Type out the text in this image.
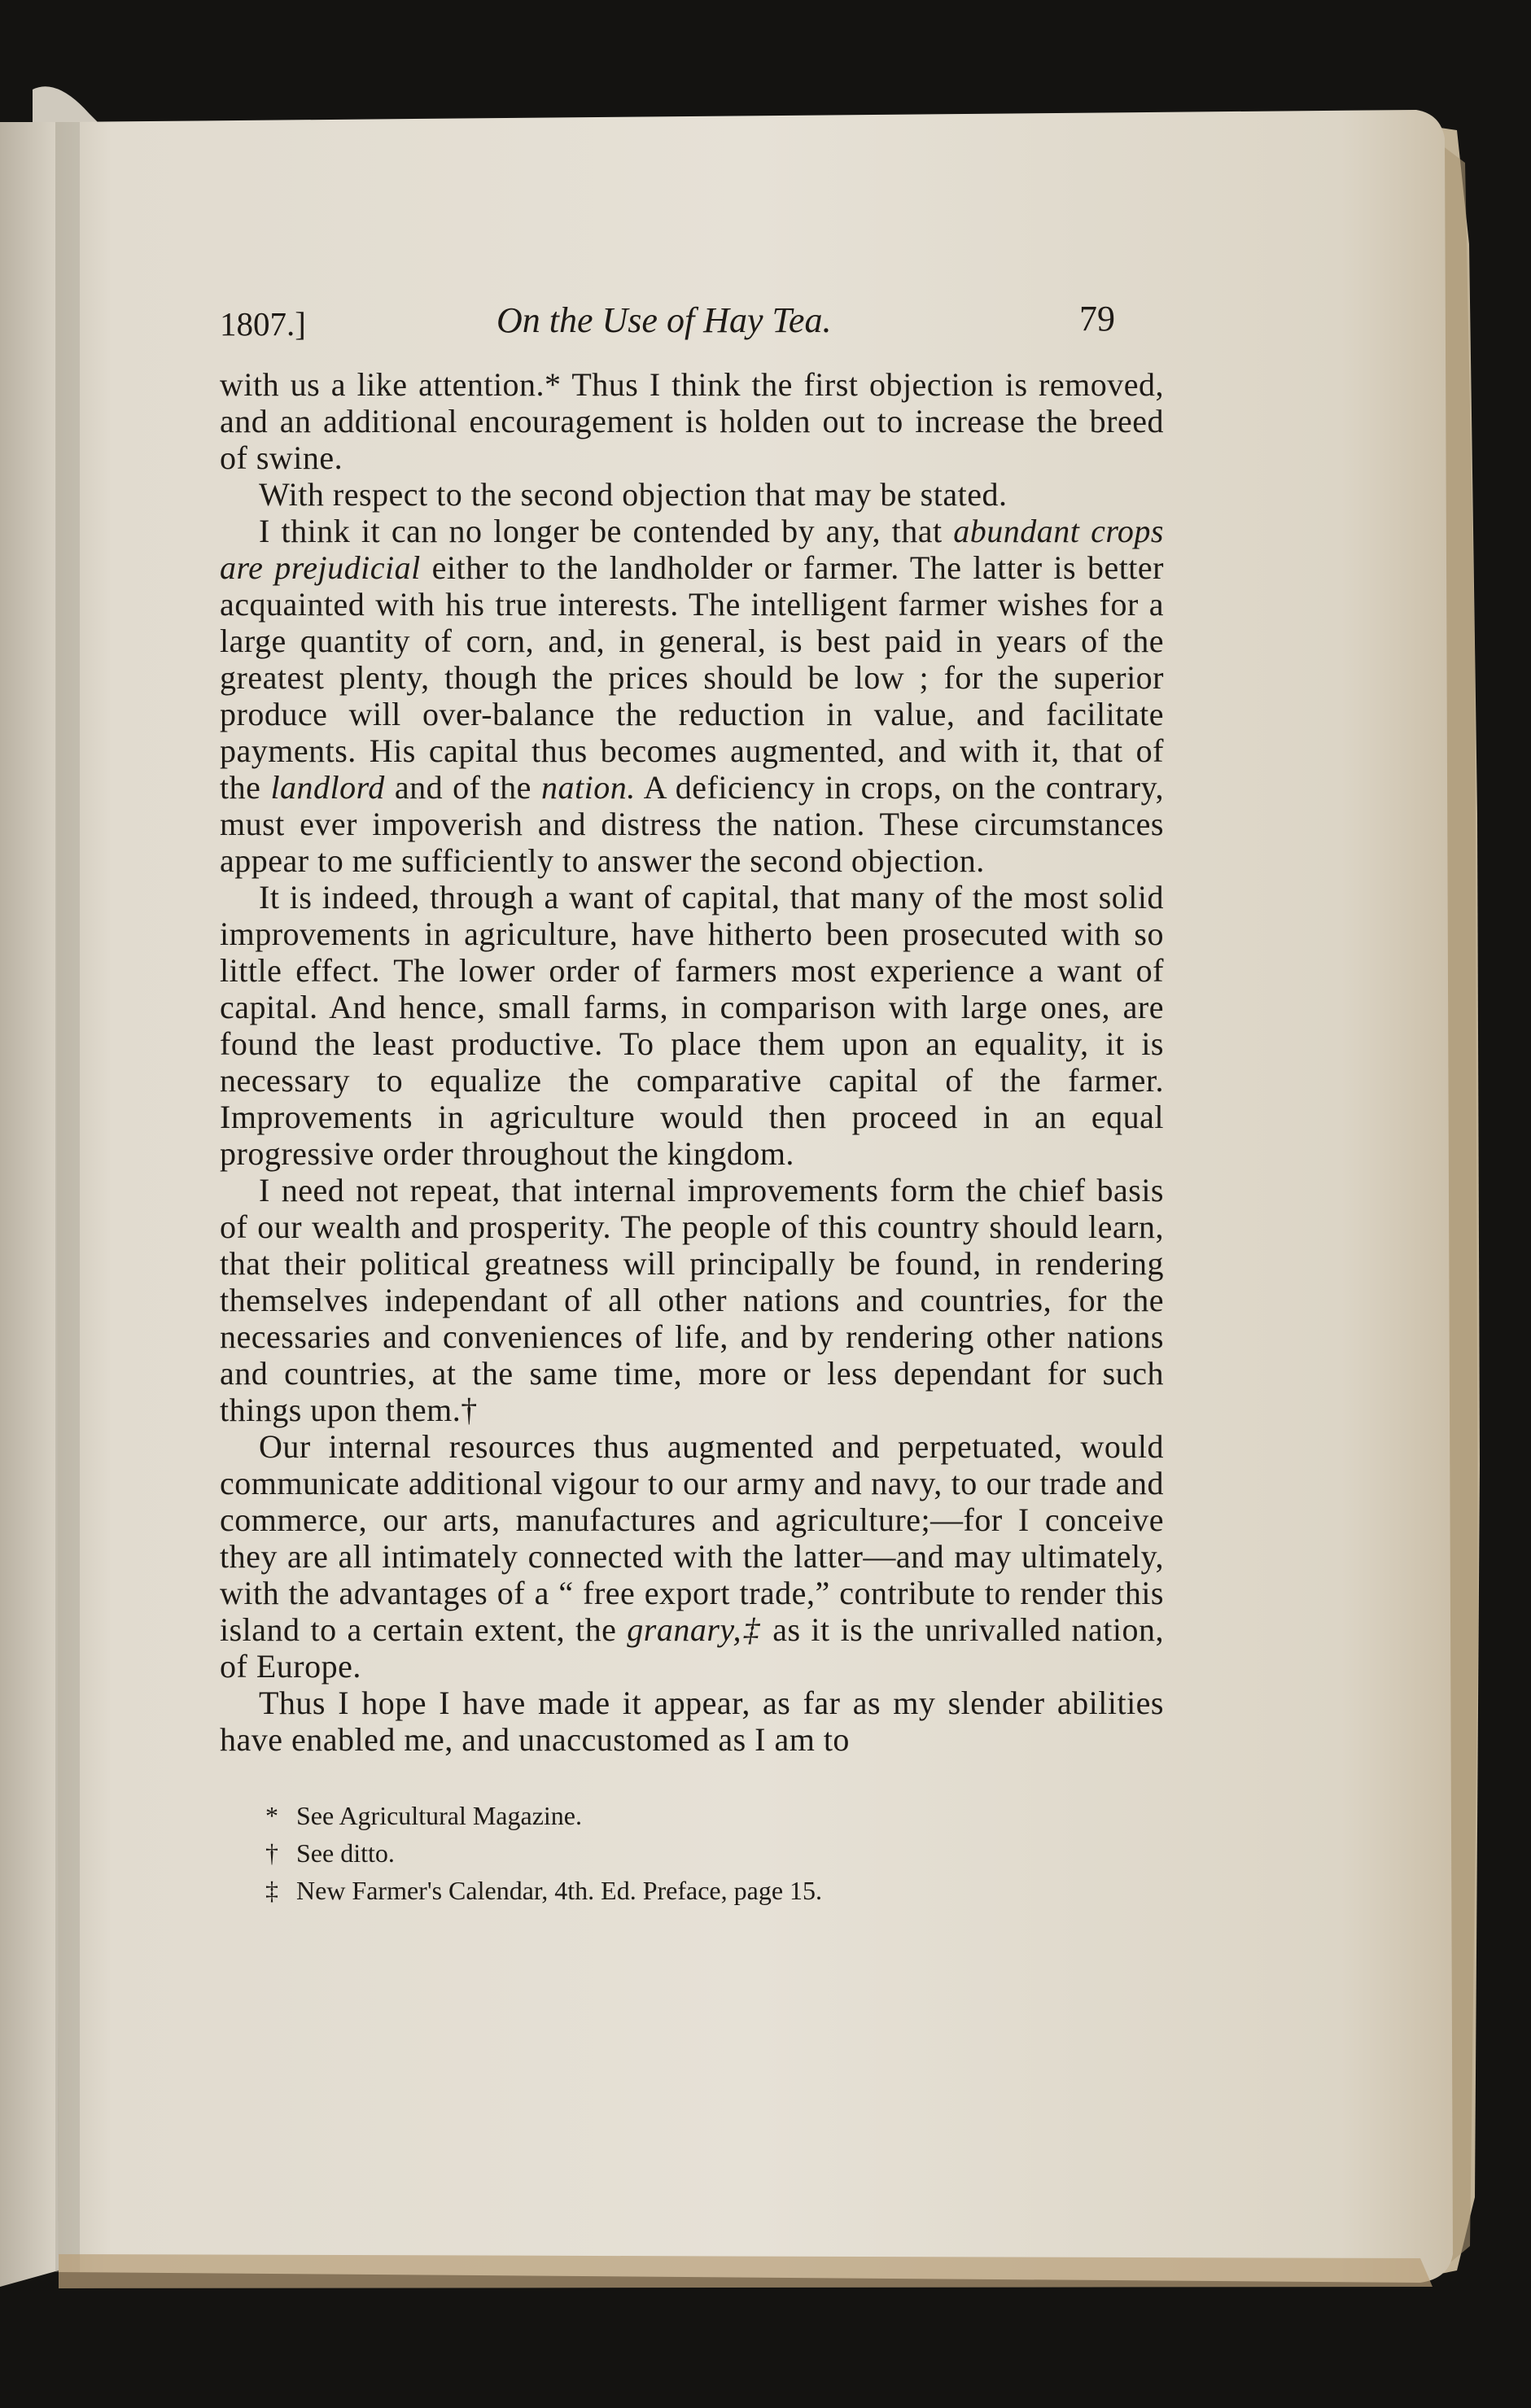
1807.]	On the Use of Hay Tea.	79

with us a like attention.* Thus I think the first objection is removed, and an additional encouragement is holden out to increase the breed of swine.

With respect to the second objection that may be stated.

I think it can no longer be contended by any, that abundant crops are prejudicial either to the landholder or farmer. The latter is better acquainted with his true interests. The intelligent farmer wishes for a large quantity of corn, and, in general, is best paid in years of the greatest plenty, though the prices should be low ; for the superior produce will over-balance the reduction in value, and facilitate payments. His capital thus becomes augmented, and with it, that of the landlord and of the nation. A deficiency in crops, on the contrary, must ever impoverish and distress the nation. These circumstances appear to me sufficiently to answer the second objection.

It is indeed, through a want of capital, that many of the most solid improvements in agriculture, have hitherto been prosecuted with so little effect. The lower order of farmers most experience a want of capital. And hence, small farms, in comparison with large ones, are found the least productive. To place them upon an equality, it is necessary to equalize the comparative capital of the farmer. Improvements in agriculture would then proceed in an equal progressive order throughout the kingdom.

I need not repeat, that internal improvements form the chief basis of our wealth and prosperity. The people of this country should learn, that their political greatness will principally be found, in rendering themselves independant of all other nations and countries, for the necessaries and conveniences of life, and by rendering other nations and countries, at the same time, more or less dependant for such things upon them.†

Our internal resources thus augmented and perpetuated, would communicate additional vigour to our army and navy, to our trade and commerce, our arts, manufactures and agriculture;—for I conceive they are all intimately connected with the latter—and may ultimately, with the advantages of a “ free export trade,” contribute to render this island to a certain extent, the granary,‡ as it is the unrivalled nation, of Europe.

Thus I hope I have made it appear, as far as my slender abilities have enabled me, and unaccustomed as I am to

* See Agricultural Magazine.
† See ditto.
‡ New Farmer's Calendar, 4th. Ed. Preface, page 15.
